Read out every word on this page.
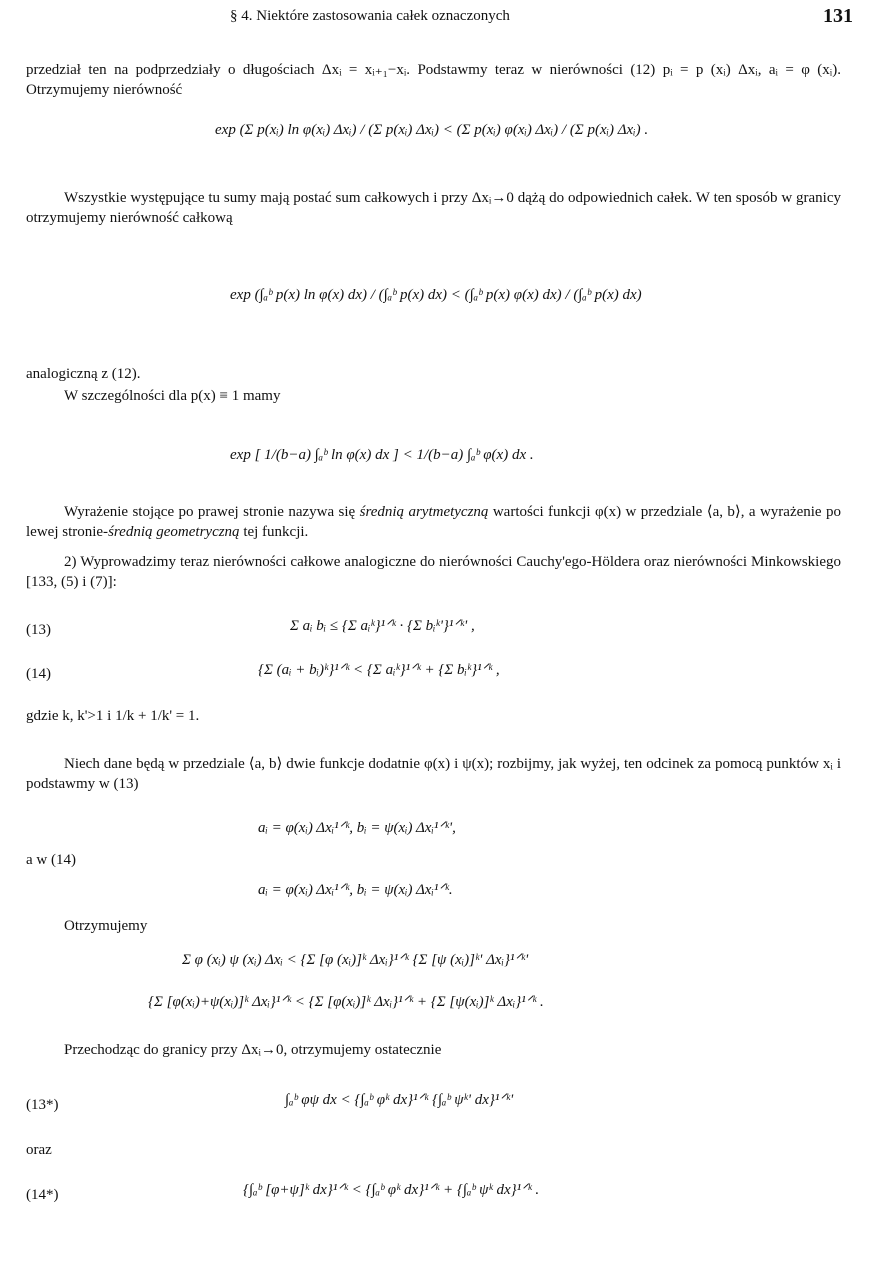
§ 4. Niektóre zastosowania całek oznaczonych	131
przedział ten na podprzedziały o długościach Δxᵢ = xᵢ₊₁−xᵢ. Podstawmy teraz w nierówności (12) pᵢ = p (xᵢ) Δxᵢ, aᵢ = φ (xᵢ). Otrzymujemy nierówność
exp (Σ p(xᵢ) ln φ(xᵢ) Δxᵢ) / (Σ p(xᵢ) Δxᵢ) < (Σ p(xᵢ) φ(xᵢ) Δxᵢ) / (Σ p(xᵢ) Δxᵢ) .
Wszystkie występujące tu sumy mają postać sum całkowych i przy Δxᵢ→0 dążą do odpowiednich całek. W ten sposób w granicy otrzymujemy nierówność całkową
exp (∫ₐᵇ p(x) ln φ(x) dx) / (∫ₐᵇ p(x) dx) < (∫ₐᵇ p(x) φ(x) dx) / (∫ₐᵇ p(x) dx)
analogiczną z (12).
W szczególności dla p(x) ≡ 1 mamy
exp [ 1/(b−a) ∫ₐᵇ ln φ(x) dx ] < 1/(b−a) ∫ₐᵇ φ(x) dx .
Wyrażenie stojące po prawej stronie nazywa się średnią arytmetyczną wartości funkcji φ(x) w przedziale ⟨a, b⟩, a wyrażenie po lewej stronie-średnią geometryczną tej funkcji.
2) Wyprowadzimy teraz nierówności całkowe analogiczne do nierówności Cauchy'ego-Höldera oraz nierówności Minkowskiego [133, (5) i (7)]:
(13)	Σ aᵢ bᵢ ≤ {Σ aᵢᵏ}¹ᐟᵏ · {Σ bᵢᵏ'}¹ᐟᵏ' ,
(14)	{Σ (aᵢ + bᵢ)ᵏ}¹ᐟᵏ < {Σ aᵢᵏ}¹ᐟᵏ + {Σ bᵢᵏ}¹ᐟᵏ ,
gdzie k, k'>1 i 1/k + 1/k' = 1.
Niech dane będą w przedziale ⟨a, b⟩ dwie funkcje dodatnie φ(x) i ψ(x); rozbijmy, jak wyżej, ten odcinek za pomocą punktów xᵢ i podstawmy w (13)
aᵢ = φ(xᵢ) Δxᵢ¹ᐟᵏ, bᵢ = ψ(xᵢ) Δxᵢ¹ᐟᵏ',
a w (14)
aᵢ = φ(xᵢ) Δxᵢ¹ᐟᵏ, bᵢ = ψ(xᵢ) Δxᵢ¹ᐟᵏ.
Otrzymujemy
Σ φ (xᵢ) ψ (xᵢ) Δxᵢ < {Σ [φ (xᵢ)]ᵏ Δxᵢ}¹ᐟᵏ {Σ [ψ (xᵢ)]ᵏ' Δxᵢ}¹ᐟᵏ'
{Σ [φ(xᵢ)+ψ(xᵢ)]ᵏ Δxᵢ}¹ᐟᵏ < {Σ [φ(xᵢ)]ᵏ Δxᵢ}¹ᐟᵏ + {Σ [ψ(xᵢ)]ᵏ Δxᵢ}¹ᐟᵏ .
Przechodząc do granicy przy Δxᵢ→0, otrzymujemy ostatecznie
(13*)	∫ₐᵇ φψ dx < {∫ₐᵇ φᵏ dx}¹ᐟᵏ {∫ₐᵇ ψᵏ' dx}¹ᐟᵏ'
oraz
(14*)	{∫ₐᵇ [φ+ψ]ᵏ dx}¹ᐟᵏ < {∫ₐᵇ φᵏ dx}¹ᐟᵏ + {∫ₐᵇ ψᵏ dx}¹ᐟᵏ .
